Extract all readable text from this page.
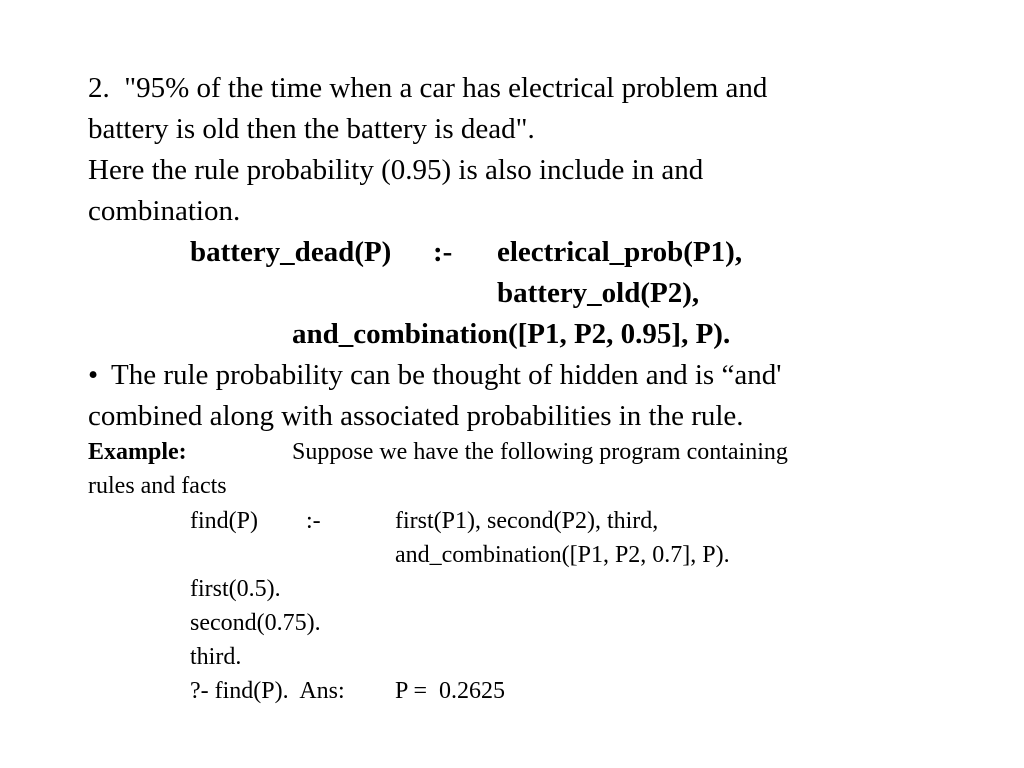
2.  "95% of the time when a car has electrical problem and
battery is old then the battery is dead".
Here the rule probability (0.95) is also include in and
combination.
battery_dead(P) :- electrical_prob(P1),
battery_old(P2),
and_combination([P1, P2, 0.95], P).
• The rule probability can be thought of hidden and is “and'
combined along with associated probabilities in the rule.
Example:	Suppose we have the following program containing
rules and facts
find(P) :-	first(P1), second(P2), third,
and_combination([P1, P2, 0.7], P).
first(0.5).
second(0.75).
third.
?- find(P).  Ans: P =  0.2625
